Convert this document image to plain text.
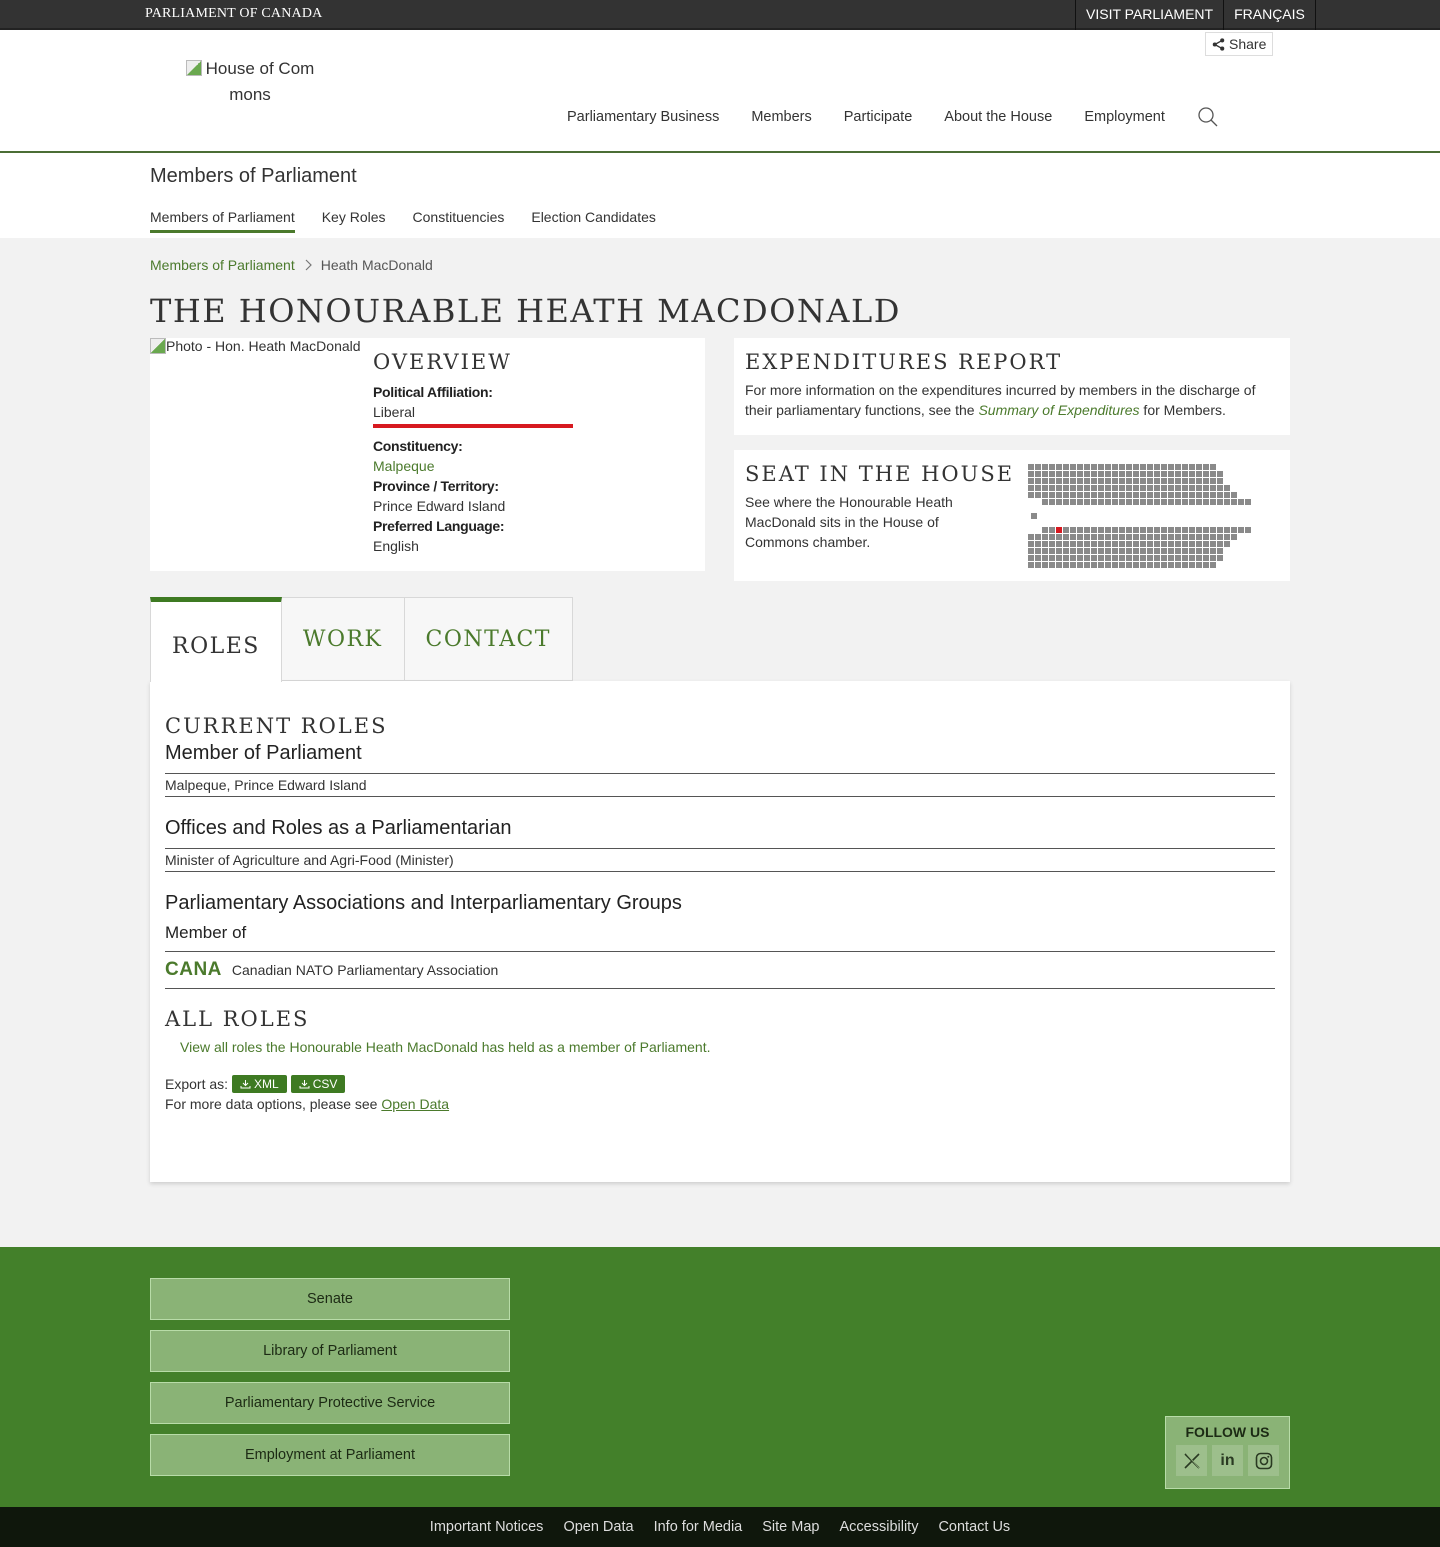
PARLIAMENT OF CANADA	VISIT PARLIAMENT	FRANÇAIS
House of Com
mons
Share
Parliamentary Business Members Participate About the House Employment
Members of Parliament
Members of Parliament Key Roles Constituencies Election Candidates
Members of Parliament Heath MacDonald
THE HONOURABLE HEATH MACDONALD
Photo - Hon. Heath MacDonald
OVERVIEW
Political Affiliation:
Liberal
Constituency:
Malpeque
Province / Territory:
Prince Edward Island
Preferred Language:
English
EXPENDITURES REPORT

For more information on the expenditures incurred by members in the discharge of their parliamentary functions, see the Summary of Expenditures for Members.

SEAT IN THE HOUSE

See where the Honourable Heath MacDonald sits in the House of Commons chamber.

ROLES	WORK	CONTACT
CURRENT ROLES
Member of Parliament
Malpeque, Prince Edward Island
Offices and Roles as a Parliamentarian
Minister of Agriculture and Agri-Food (Minister)
Parliamentary Associations and Interparliamentary Groups
Member of
CANA Canadian NATO Parliamentary Association
ALL ROLES
View all roles the Honourable Heath MacDonald has held as a member of Parliament.
Export as: XML	CSV
For more data options, please see Open Data
Senate
Library of Parliament
Parliamentary Protective Service
Employment at Parliament
FOLLOW US
in
Important Notices Open Data Info for Media Site Map Accessibility Contact Us
